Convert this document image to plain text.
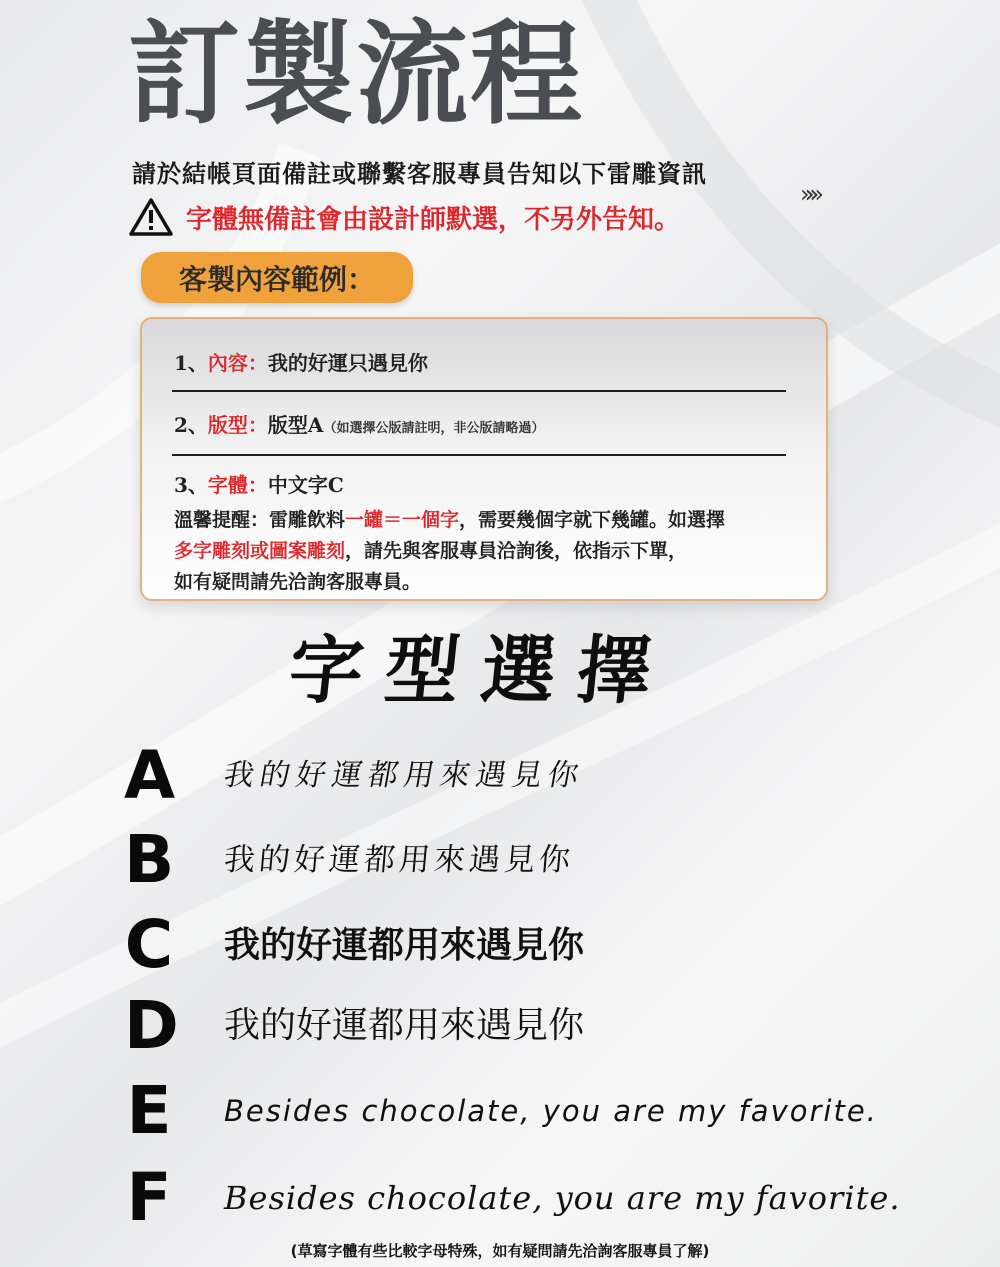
訂製流程
請於結帳頁面備註或聯繫客服專員告知以下雷雕資訊
»»»
字體無備註會由設計師默選，不另外告知。
客製內容範例：
1、內容：我的好運只遇見你
2、版型：版型A（如選擇公版請註明，非公版請略過）
3、字體：中文字C
溫馨提醒：雷雕飲料一罐＝一個字，需要幾個字就下幾罐。如選擇
多字雕刻或圖案雕刻，請先與客服專員洽詢後，依指示下單，
如有疑問請先洽詢客服專員。
字型選擇
A 我的好運都用來遇見你
B 我的好運都用來遇見你
C 我的好運都用來遇見你
D 我的好運都用來遇見你
E Besides chocolate, you are my favorite.
F Besides chocolate, you are my favorite.
(草寫字體有些比較字母特殊，如有疑問請先洽詢客服專員了解)
